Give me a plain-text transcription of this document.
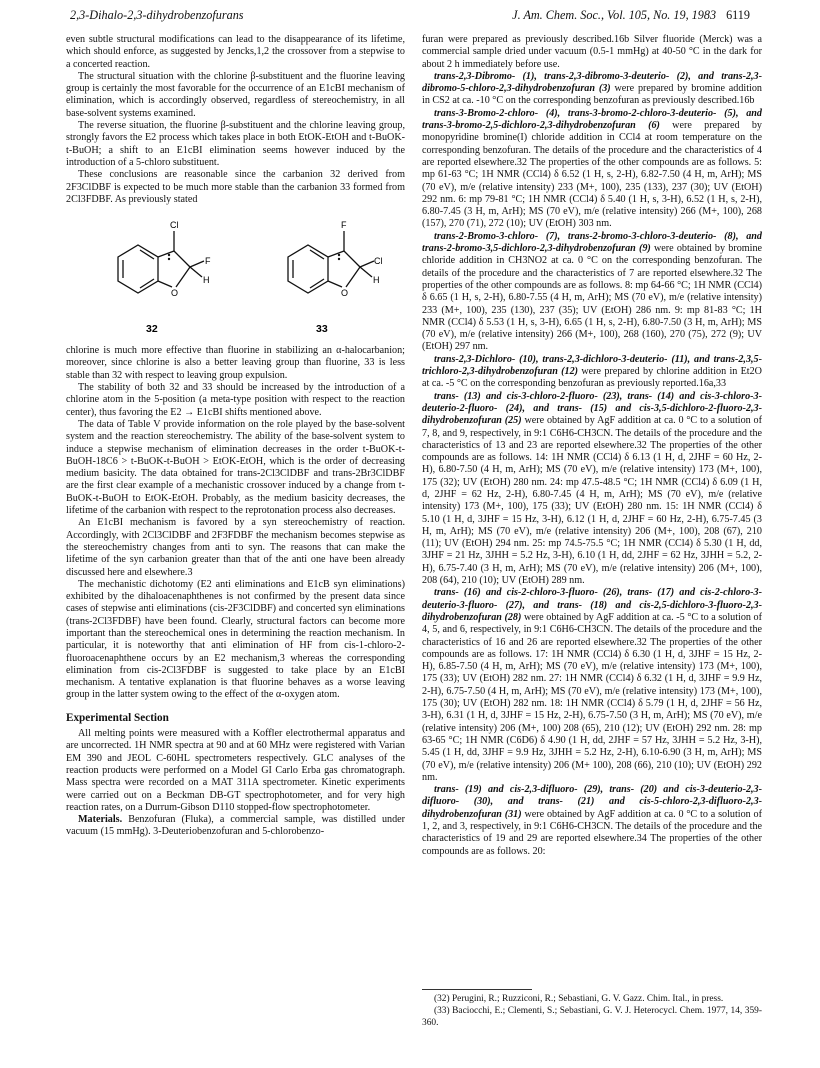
2,3-Dihalo-2,3-dihydrobenzofurans	J. Am. Chem. Soc., Vol. 105, No. 19, 1983 6119

even subtle structural modifications can lead to the disappearance of its lifetime, which should enforce, as suggested by Jencks,1,2 the crossover from a stepwise to a concerted reaction.

The structural situation with the chlorine β-substituent and the fluorine leaving group is certainly the most favorable for the occurrence of an E1cBI mechanism of elimination, which is accordingly observed, regardless of stereochemistry, in all base-solvent systems examined.

The reverse situation, the fluorine β-substituent and the chlorine leaving group, strongly favors the E2 process which takes place in both EtOK-EtOH and t-BuOK-t-BuOH; a shift to an E1cBI elimination seems however induced by the introduction of a 5-chloro substituent.

These conclusions are reasonable since the carbanion 32 derived from 2F3ClDBF is expected to be much more stable than the carbanion 33 formed from 2Cl3FDBF. As previously stated

Cl
F
H
O
F
Cl
H
O
32	33

chlorine is much more effective than fluorine in stabilizing an α-halocarbanion; moreover, since chlorine is also a better leaving group than fluorine, 33 is less stable than 32 with respect to leaving group expulsion.

The stability of both 32 and 33 should be increased by the introduction of a chlorine atom in the 5-position (a meta-type position with respect to the reaction center), thus favoring the E2 → E1cBI shifts mentioned above.

The data of Table V provide information on the role played by the base-solvent system and the reaction stereochemistry. The ability of the base-solvent system to induce a stepwise mechanism of elimination decreases in the order t-BuOK-t-BuOH-18C6 > t-BuOK-t-BuOH > EtOK-EtOH, which is the order of decreasing medium basicity. The data obtained for trans-2Cl3ClDBF and trans-2Br3ClDBF are the first clear example of a mechanistic crossover induced by a change from t-BuOK-t-BuOH to EtOK-EtOH. Probably, as the medium basicity decreases, the lifetime of the carbanion with respect to the reprotonation process also decreases.

An E1cBI mechanism is favored by a syn stereochemistry of reaction. Accordingly, with 2Cl3ClDBF and 2F3FDBF the mechanism becomes stepwise as the stereochemistry changes from anti to syn. The reasons that can make the lifetime of the syn carbanion greater than that of the anti one have been already discussed here and elsewhere.3

The mechanistic dichotomy (E2 anti eliminations and E1cB syn eliminations) exhibited by the dihaloacenaphthenes is not confirmed by the present data since cases of stepwise anti eliminations (cis-2F3ClDBF) and concerted syn eliminations (trans-2Cl3FDBF) have been found. Clearly, structural factors can become more important than the stereochemical ones in determining the reaction mechanism. In particular, it is noteworthy that anti elimination of HF from cis-1-chloro-2-fluoroacenaphthene occurs by an E2 mechanism,3 whereas the corresponding elimination from cis-2Cl3FDBF is suggested to take place by an E1cBI mechanism. A tentative explanation is that fluorine behaves as a worse leaving group in the latter system owing to the effect of the α-oxygen atom.

Experimental Section

All melting points were measured with a Koffler electrothermal apparatus and are uncorrected. 1H NMR spectra at 90 and at 60 MHz were registered with Varian EM 390 and JEOL C-60HL spectrometers respectively. GLC analyses of the reaction products were performed on a Model GI Carlo Erba gas chromatograph. Mass spectra were recorded on a MAT 311A spectrometer. Kinetic experiments were carried out on a Beckman DB-GT spectrophotometer, and for very high reaction rates, on a Durrum-Gibson D110 stopped-flow spectrophotometer.

Materials. Benzofuran (Fluka), a commercial sample, was distilled under vacuum (15 mmHg). 3-Deuteriobenzofuran and 5-chlorobenzo-

furan were prepared as previously described.16b Silver fluoride (Merck) was a commercial sample dried under vacuum (0.5-1 mmHg) at 40-50 °C in the dark for about 2 h immediately before use.

trans-2,3-Dibromo- (1), trans-2,3-dibromo-3-deuterio- (2), and trans-2,3-dibromo-5-chloro-2,3-dihydrobenzofuran (3) were prepared by bromine addition in CS2 at ca. -10 °C on the corresponding benzofuran as previously described.16b

trans-3-Bromo-2-chloro- (4), trans-3-bromo-2-chloro-3-deuterio- (5), and trans-3-bromo-2,5-dichloro-2,3-dihydrobenzofuran (6) were prepared by monopyridine bromine(I) chloride addition in CCl4 at room temperature on the corresponding benzofuran. The details of the procedure and the characteristics of 4 are reported elsewhere.32 The properties of the other compounds are as follows. 5: mp 61-63 °C; 1H NMR (CCl4) δ 6.52 (1 H, s, 2-H), 6.82-7.50 (4 H, m, ArH); MS (70 eV), m/e (relative intensity) 233 (M+, 100), 235 (133), 237 (30); UV (EtOH) 292 nm. 6: mp 79-81 °C; 1H NMR (CCl4) δ 5.40 (1 H, s, 3-H), 6.52 (1 H, s, 2-H), 6.80-7.45 (3 H, m, ArH); MS (70 eV), m/e (relative intensity) 266 (M+, 100), 268 (157), 270 (71), 272 (10); UV (EtOH) 303 nm.

trans-2-Bromo-3-chloro- (7), trans-2-bromo-3-chloro-3-deuterio- (8), and trans-2-bromo-3,5-dichloro-2,3-dihydrobenzofuran (9) were obtained by bromine chloride addition in CH3NO2 at ca. 0 °C on the corresponding benzofuran. The details of the procedure and the characteristics of 7 are reported elsewhere.32 The properties of the other compounds are as follows. 8: mp 64-66 °C; 1H NMR (CCl4) δ 6.65 (1 H, s, 2-H), 6.80-7.55 (4 H, m, ArH); MS (70 eV), m/e (relative intensity) 233 (M+, 100), 235 (130), 237 (35); UV (EtOH) 286 nm. 9: mp 81-83 °C; 1H NMR (CCl4) δ 5.53 (1 H, s, 3-H), 6.65 (1 H, s, 2-H), 6.80-7.50 (3 H, m, ArH); MS (70 eV), m/e (relative intensity) 266 (M+, 100), 268 (160), 270 (75), 272 (9); UV (EtOH) 297 nm.

trans-2,3-Dichloro- (10), trans-2,3-dichloro-3-deuterio- (11), and trans-2,3,5-trichloro-2,3-dihydrobenzofuran (12) were prepared by chlorine addition in Et2O at ca. -5 °C on the corresponding benzofuran as previously reported.16a,33

trans- (13) and cis-3-chloro-2-fluoro- (23), trans- (14) and cis-3-chloro-3-deuterio-2-fluoro- (24), and trans- (15) and cis-3,5-dichloro-2-fluoro-2,3-dihydrobenzofuran (25) were obtained by AgF addition at ca. 0 °C to a solution of 7, 8, and 9, respectively, in 9:1 C6H6-CH3CN. The details of the procedure and the characteristics of 13 and 23 are reported elsewhere.32 The properties of the other compounds are as follows. 14: 1H NMR (CCl4) δ 6.13 (1 H, d, 2JHF = 60 Hz, 2-H), 6.80-7.50 (4 H, m, ArH); MS (70 eV), m/e (relative intensity) 173 (M+, 100), 175 (32); UV (EtOH) 280 nm. 24: mp 47.5-48.5 °C; 1H NMR (CCl4) δ 6.09 (1 H, d, 2JHF = 62 Hz, 2-H), 6.80-7.45 (4 H, m, ArH); MS (70 eV), m/e (relative intensity) 173 (M+, 100), 175 (33); UV (EtOH) 280 nm. 15: 1H NMR (CCl4) δ 5.10 (1 H, d, 3JHF = 15 Hz, 3-H), 6.12 (1 H, d, 2JHF = 60 Hz, 2-H), 6.75-7.45 (3 H, m, ArH); MS (70 eV), m/e (relative intensity) 206 (M+, 100), 208 (67), 210 (11); UV (EtOH) 294 nm. 25: mp 74.5-75.5 °C; 1H NMR (CCl4) δ 5.30 (1 H, dd, 3JHF = 21 Hz, 3JHH = 5.2 Hz, 3-H), 6.10 (1 H, dd, 2JHF = 62 Hz, 3JHH = 5.2, 2-H), 6.75-7.40 (3 H, m, ArH); MS (70 eV), m/e (relative intensity) 206 (M+, 100), 208 (64), 210 (10); UV (EtOH) 289 nm.

trans- (16) and cis-2-chloro-3-fluoro- (26), trans- (17) and cis-2-chloro-3-deuterio-3-fluoro- (27), and trans- (18) and cis-2,5-dichloro-3-fluoro-2,3-dihydrobenzofuran (28) were obtained by AgF addition at ca. -5 °C to a solution of 4, 5, and 6, respectively, in 9:1 C6H6-CH3CN. The details of the procedure and the characteristics of 16 and 26 are reported elsewhere.32 The properties of the other compounds are as follows. 17: 1H NMR (CCl4) δ 6.30 (1 H, d, 3JHF = 15 Hz, 2-H), 6.85-7.50 (4 H, m, ArH); MS (70 eV), m/e (relative intensity) 173 (M+, 100), 175 (33); UV (EtOH) 282 nm. 27: 1H NMR (CCl4) δ 6.32 (1 H, d, 3JHF = 9.9 Hz, 2-H), 6.75-7.50 (4 H, m, ArH); MS (70 eV), m/e (relative intensity) 173 (M+, 100), 175 (30); UV (EtOH) 282 nm. 18: 1H NMR (CCl4) δ 5.79 (1 H, d, 2JHF = 56 Hz, 3-H), 6.31 (1 H, d, 3JHF = 15 Hz, 2-H), 6.75-7.50 (3 H, m, ArH); MS (70 eV), m/e (relative intensity) 206 (M+, 100) 208 (65), 210 (12); UV (EtOH) 292 nm. 28: mp 63-65 °C; 1H NMR (C6D6) δ 4.90 (1 H, dd, 2JHF = 57 Hz, 3JHH = 5.2 Hz, 3-H), 5.45 (1 H, dd, 3JHF = 9.9 Hz, 3JHH = 5.2 Hz, 2-H), 6.10-6.90 (3 H, m, ArH); MS (70 eV), m/e (relative intensity) 206 (M+ 100), 208 (66), 210 (10); UV (EtOH) 292 nm.

trans- (19) and cis-2,3-difluoro- (29), trans- (20) and cis-3-deuterio-2,3-difluoro- (30), and trans- (21) and cis-5-chloro-2,3-difluoro-2,3-dihydrobenzofuran (31) were obtained by AgF addition at ca. 0 °C to a solution of 1, 2, and 3, respectively, in 9:1 C6H6-CH3CN. The details of the procedure and the characteristics of 19 and 29 are reported elsewhere.34 The properties of the other compounds are as follows. 20:

(32) Perugini, R.; Ruzziconi, R.; Sebastiani, G. V. Gazz. Chim. Ital., in press.

(33) Baciocchi, E.; Clementi, S.; Sebastiani, G. V. J. Heterocycl. Chem. 1977, 14, 359-360.
